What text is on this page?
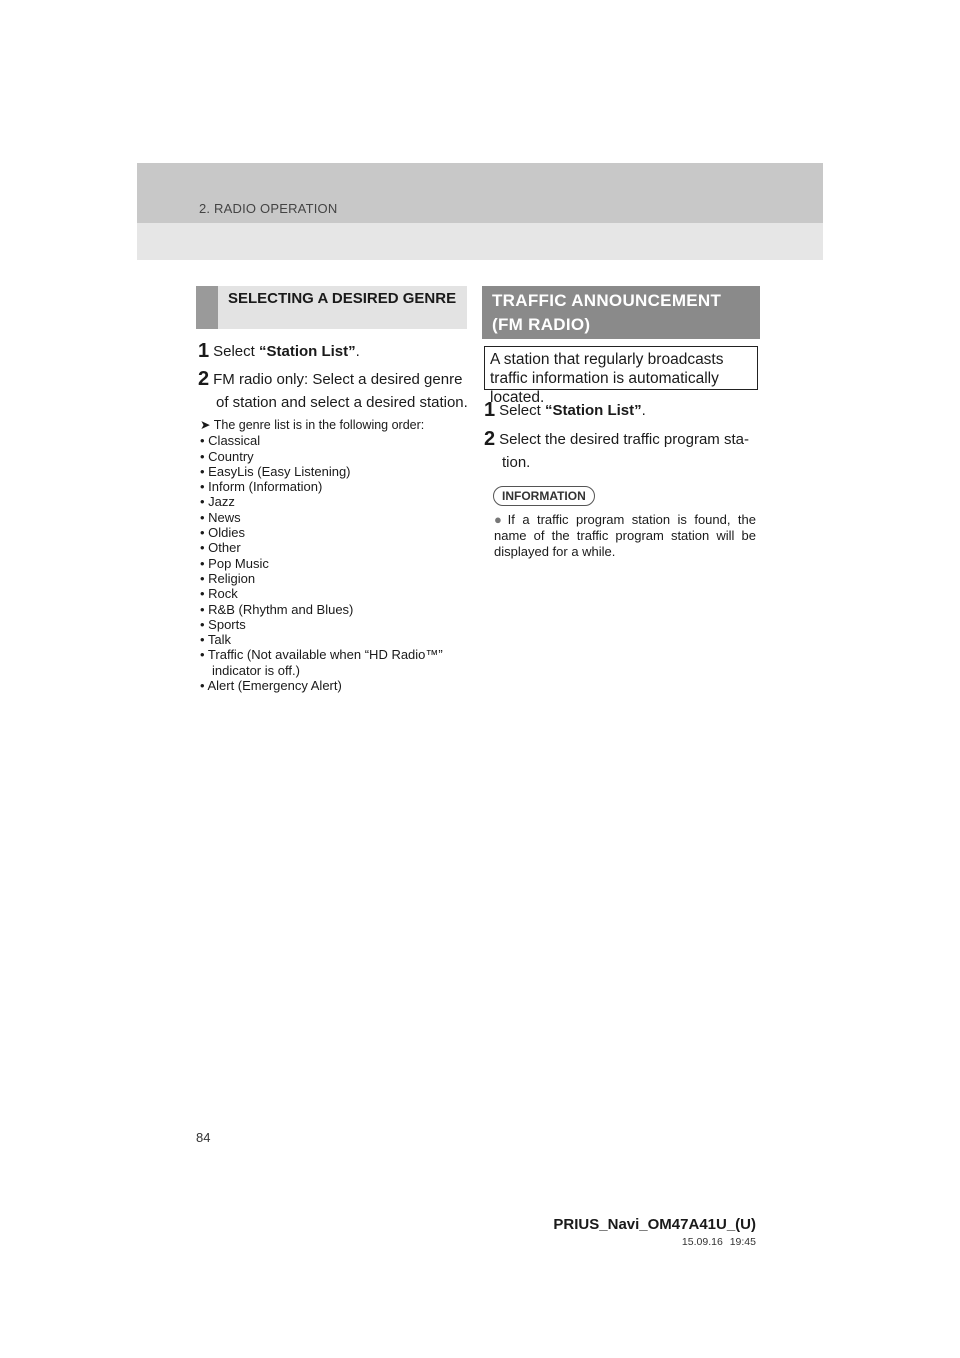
2. RADIO OPERATION
SELECTING A DESIRED GENRE
1 Select “Station List”.
2 FM radio only: Select a desired genre
of station and select a desired station.
➤ The genre list is in the following order:
• Classical
• Country
• EasyLis (Easy Listening)
• Inform (Information)
• Jazz
• News
• Oldies
• Other
• Pop Music
• Religion
• Rock
• R&B (Rhythm and Blues)
• Sports
• Talk
• Traffic (Not available when “HD Radio™”
indicator is off.)
• Alert (Emergency Alert)
TRAFFIC ANNOUNCEMENT
(FM RADIO)
A station that regularly broadcasts traffic information is automatically located.
1 Select “Station List”.
2 Select the desired traffic program sta-
tion.
INFORMATION
● If a traffic program station is found, the name of the traffic program station will be displayed for a while.
84
PRIUS_Navi_OM47A41U_(U)
15.09.16 19:45
